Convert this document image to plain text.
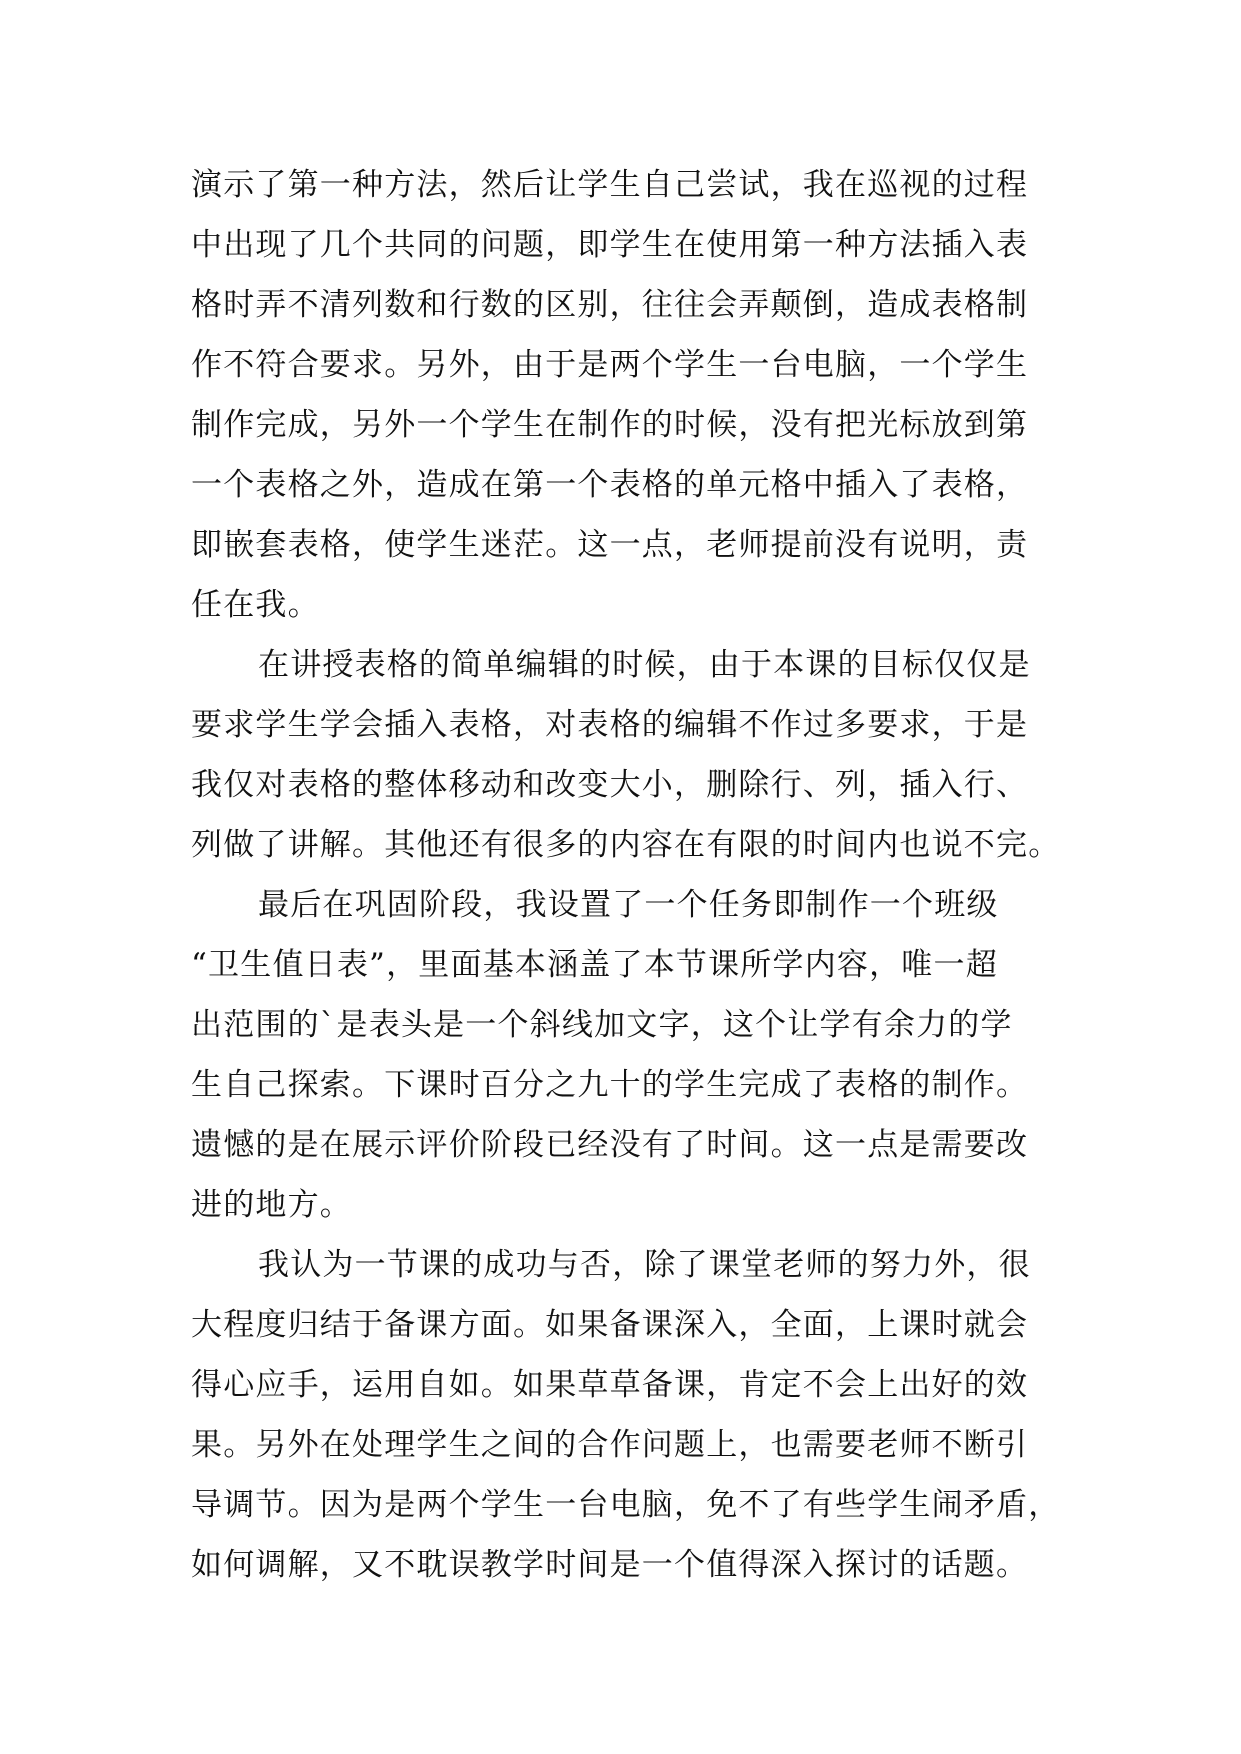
演示了第一种方法，然后让学生自己尝试，我在巡视的过程
中出现了几个共同的问题，即学生在使用第一种方法插入表
格时弄不清列数和行数的区别，往往会弄颠倒，造成表格制
作不符合要求。另外，由于是两个学生一台电脑，一个学生
制作完成，另外一个学生在制作的时候，没有把光标放到第
一个表格之外，造成在第一个表格的单元格中插入了表格，
即嵌套表格，使学生迷茫。这一点，老师提前没有说明，责
任在我。
在讲授表格的简单编辑的时候，由于本课的目标仅仅是
要求学生学会插入表格，对表格的编辑不作过多要求，于是
我仅对表格的整体移动和改变大小，删除行、列，插入行、
列做了讲解。其他还有很多的内容在有限的时间内也说不完。
最后在巩固阶段，我设置了一个任务即制作一个班级
“卫生值日表”，里面基本涵盖了本节课所学内容，唯一超
出范围的`是表头是一个斜线加文字，这个让学有余力的学
生自己探索。下课时百分之九十的学生完成了表格的制作。
遗憾的是在展示评价阶段已经没有了时间。这一点是需要改
进的地方。
我认为一节课的成功与否，除了课堂老师的努力外，很
大程度归结于备课方面。如果备课深入，全面，上课时就会
得心应手，运用自如。如果草草备课，肯定不会上出好的效
果。另外在处理学生之间的合作问题上，也需要老师不断引
导调节。因为是两个学生一台电脑，免不了有些学生闹矛盾，
如何调解，又不耽误教学时间是一个值得深入探讨的话题。
